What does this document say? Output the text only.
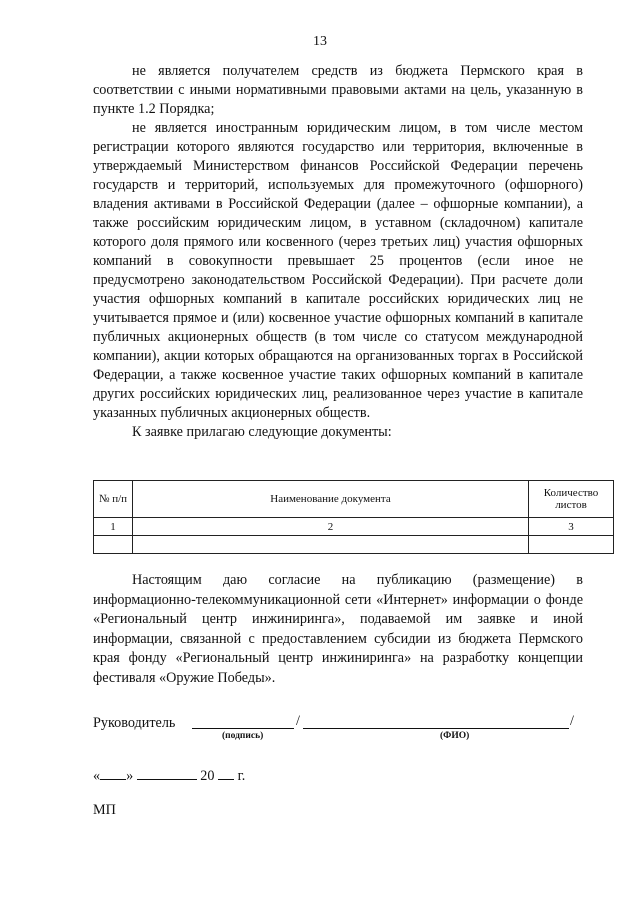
13

не является получателем средств из бюджета Пермского края в соответствии с иными нормативными правовыми актами на цель, указанную в пункте 1.2 Порядка;

не является иностранным юридическим лицом, в том числе местом регистрации которого являются государство или территория, включенные в утверждаемый Министерством финансов Российской Федерации перечень государств и территорий, используемых для промежуточного (офшорного) владения активами в Российской Федерации (далее – офшорные компании), а также российским юридическим лицом, в уставном (складочном) капитале которого доля прямого или косвенного (через третьих лиц) участия офшорных компаний в совокупности превышает 25 процентов (если иное не предусмотрено законодательством Российской Федерации). При расчете доли участия офшорных компаний в капитале российских юридических лиц не учитывается прямое и (или) косвенное участие офшорных компаний в капитале публичных акционерных обществ (в том числе со статусом международной компании), акции которых обращаются на организованных торгах в Российской Федерации, а также косвенное участие таких офшорных компаний в капитале других российских юридических лиц, реализованное через участие в капитале указанных публичных акционерных обществ.

К заявке прилагаю следующие документы:

№ п/п	Наименование документа	Количество листов
1	2	3

Настоящим даю согласие на публикацию (размещение) в информационно-телекоммуникационной сети «Интернет» информации о фонде «Региональный центр инжиниринга», подаваемой им заявке и иной информации, связанной с предоставлением субсидии из бюджета Пермского края фонду «Региональный центр инжиниринга» на разработку концепции фестиваля «Оружие Победы».

Руководитель	/	/
(подпись)	(ФИО)
« »	20 г.
МП
